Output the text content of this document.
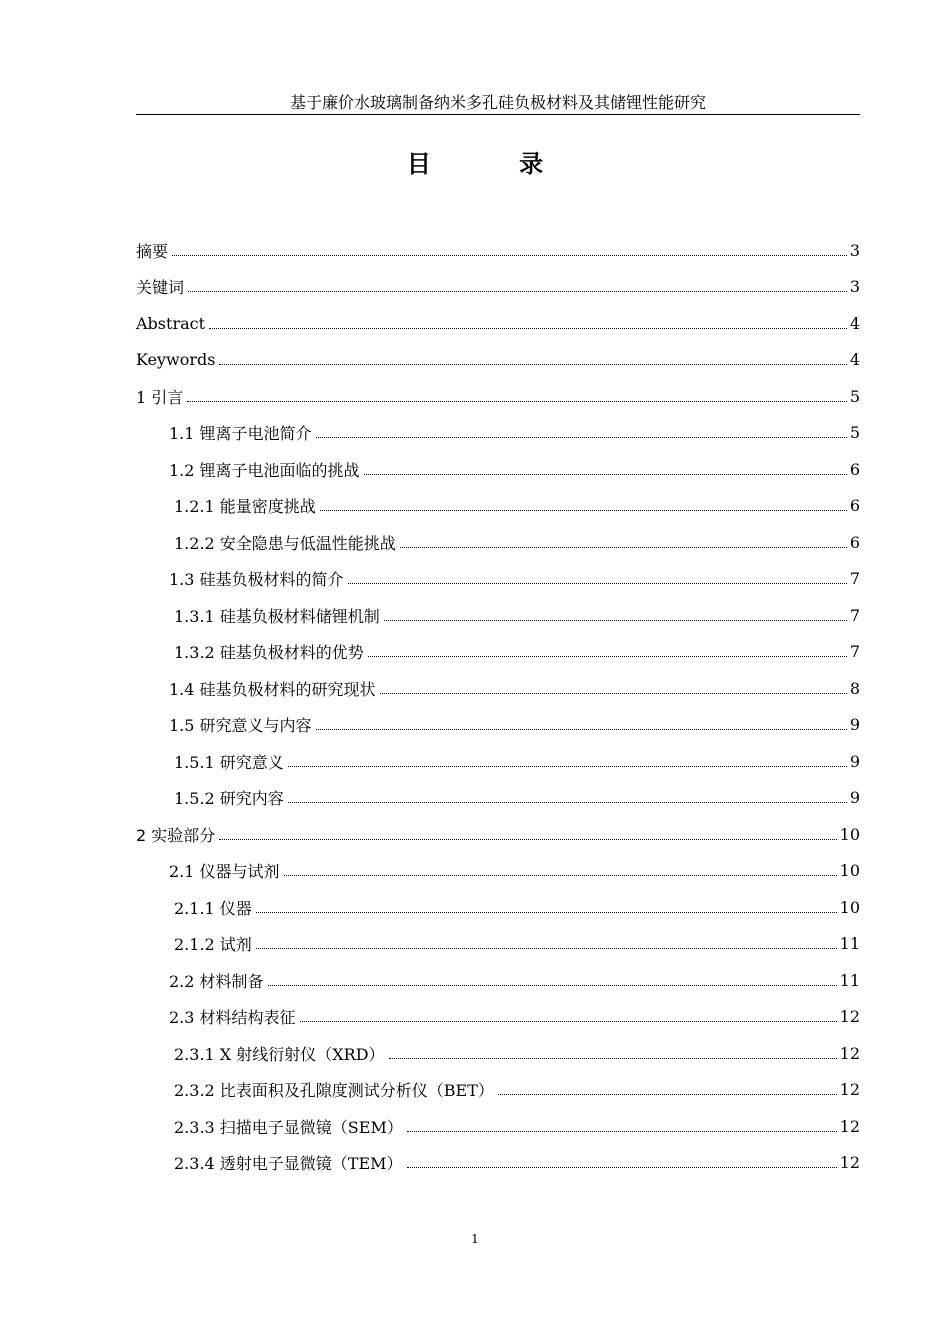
基于廉价水玻璃制备纳米多孔硅负极材料及其储锂性能研究
目 录
摘要	3
关键词	3
Abstract	4
Keywords	4
1 引言	5
1.1 锂离子电池简介	5
1.2 锂离子电池面临的挑战	6
1.2.1 能量密度挑战	6
1.2.2 安全隐患与低温性能挑战	6
1.3 硅基负极材料的简介	7
1.3.1 硅基负极材料储锂机制	7
1.3.2 硅基负极材料的优势	7
1.4 硅基负极材料的研究现状	8
1.5 研究意义与内容	9
1.5.1 研究意义	9
1.5.2 研究内容	9
2 实验部分	10
2.1 仪器与试剂	10
2.1.1 仪器	10
2.1.2 试剂	11
2.2 材料制备	11
2.3 材料结构表征	12
2.3.1 X 射线衍射仪（XRD）	12
2.3.2 比表面积及孔隙度测试分析仪（BET）	12
2.3.3 扫描电子显微镜（SEM）	12
2.3.4 透射电子显微镜（TEM）	12
1
